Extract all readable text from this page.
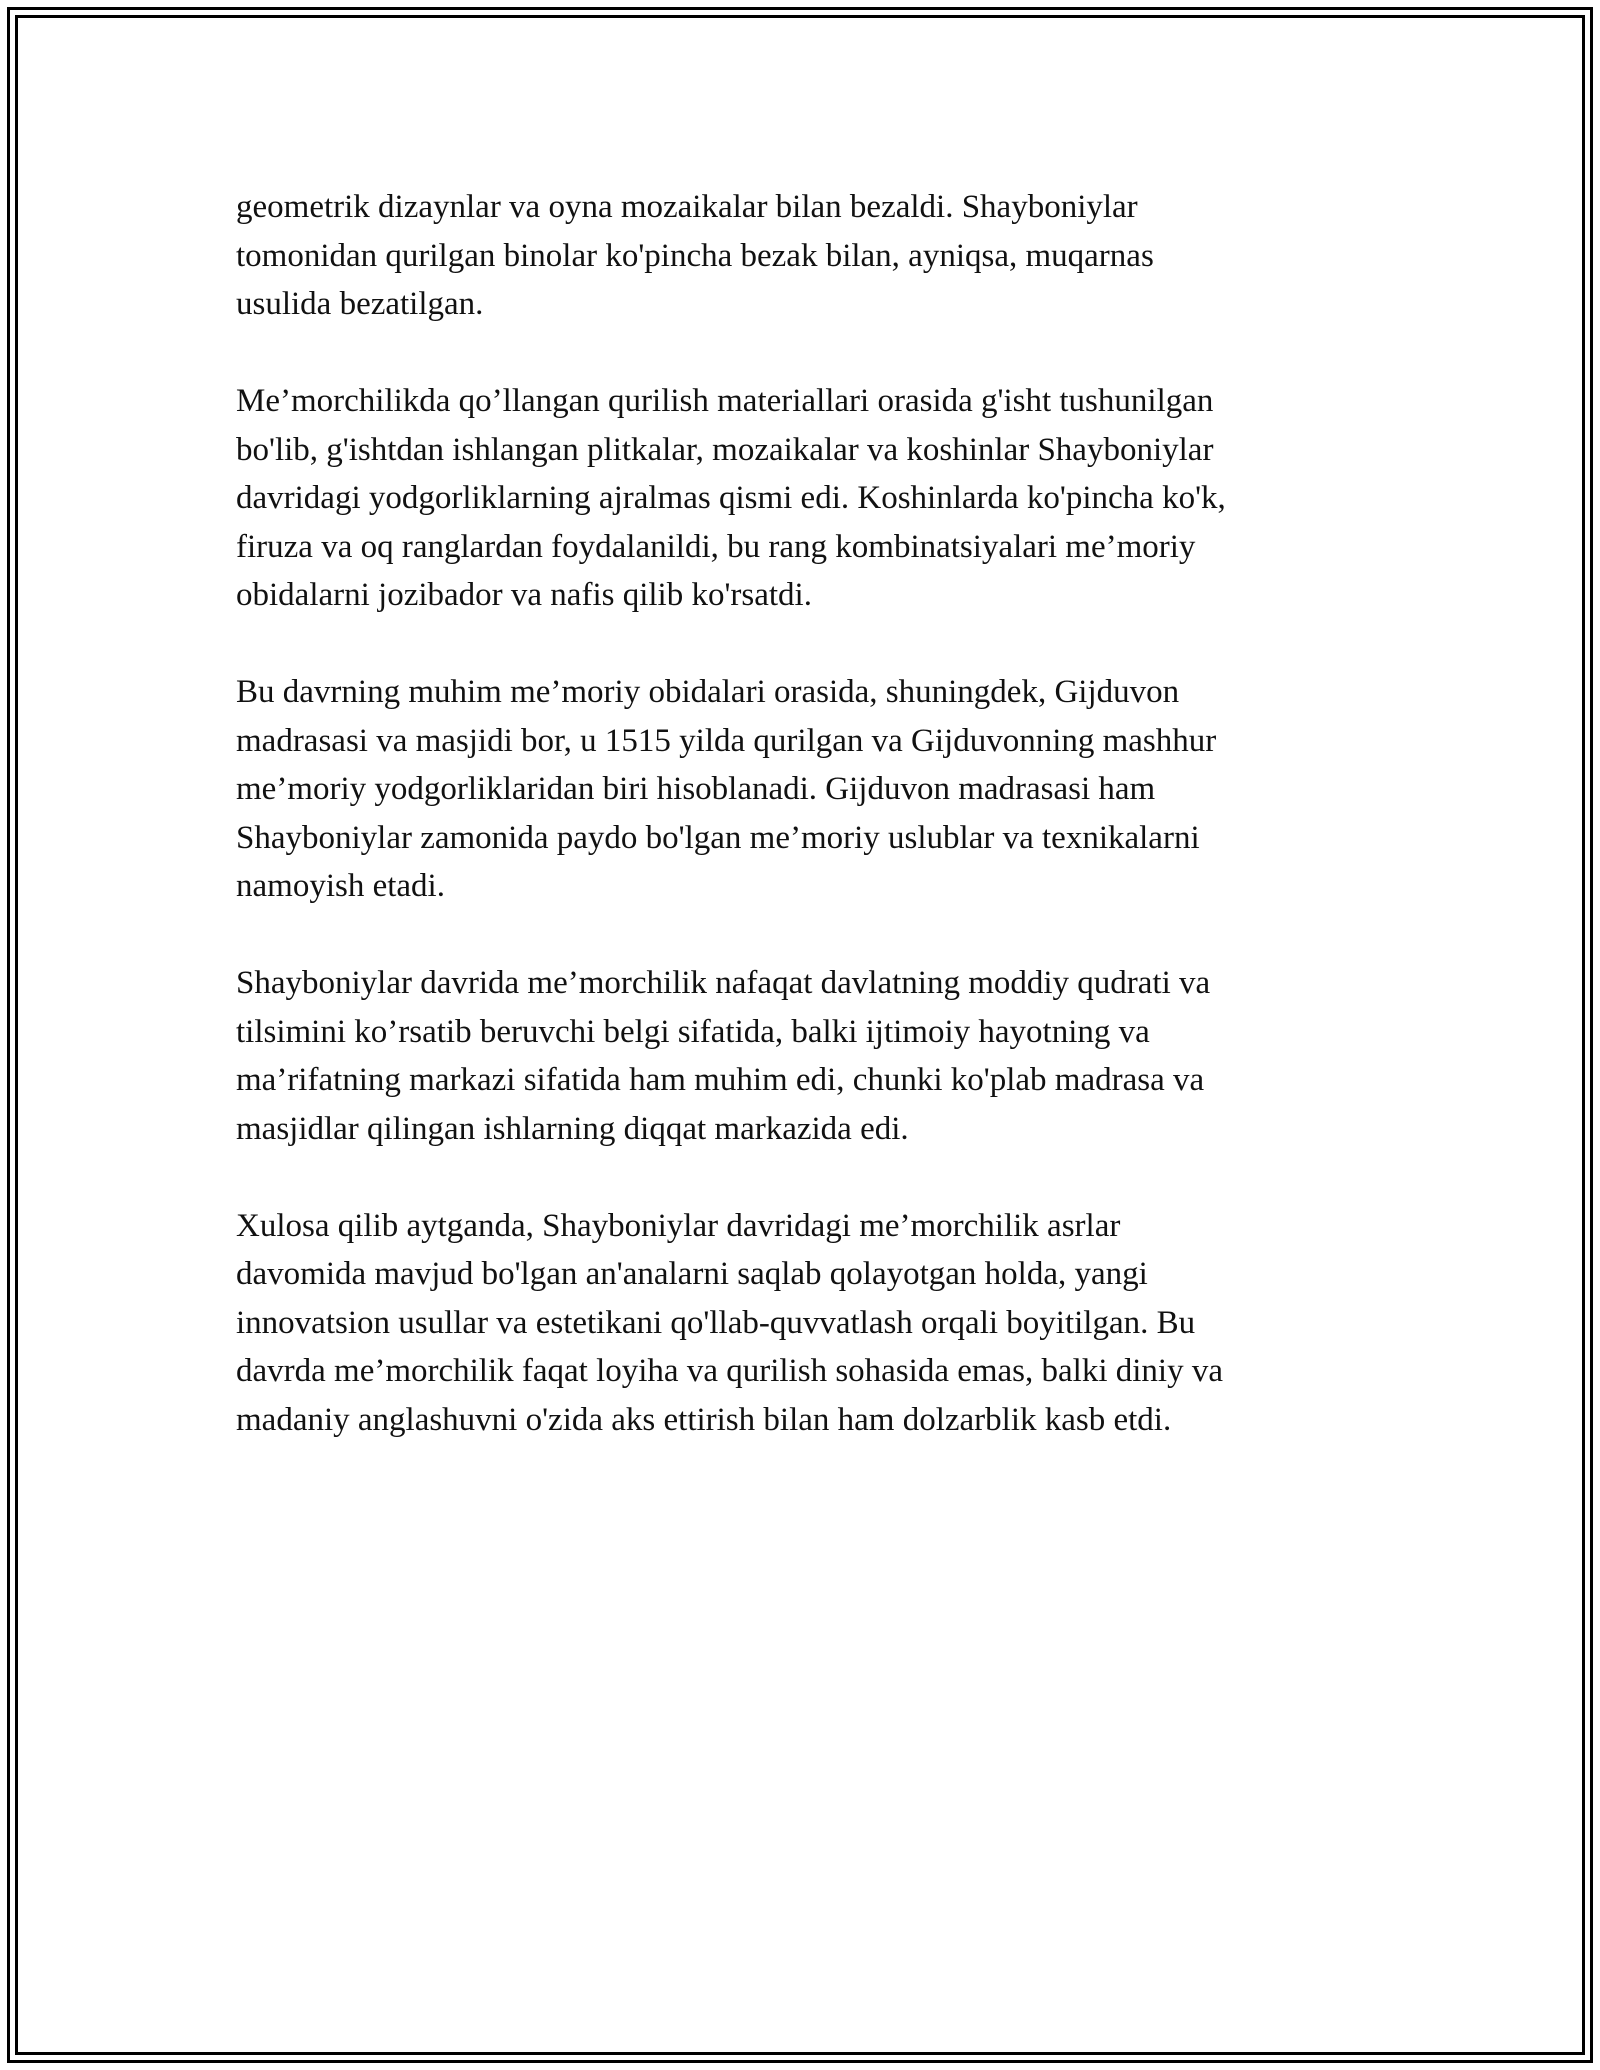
geometrik dizaynlar va oyna mozaikalar bilan bezaldi. Shayboniylar
tomonidan qurilgan binolar ko'pincha bezak bilan, ayniqsa, muqarnas
usulida bezatilgan.

Me’morchilikda qo’llangan qurilish materiallari orasida g'isht tushunilgan
bo'lib, g'ishtdan ishlangan plitkalar, mozaikalar va koshinlar Shayboniylar
davridagi yodgorliklarning ajralmas qismi edi. Koshinlarda ko'pincha ko'k,
firuza va oq ranglardan foydalanildi, bu rang kombinatsiyalari me’moriy
obidalarni jozibador va nafis qilib ko'rsatdi.

Bu davrning muhim me’moriy obidalari orasida, shuningdek, Gijduvon
madrasasi va masjidi bor, u 1515 yilda qurilgan va Gijduvonning mashhur
me’moriy yodgorliklaridan biri hisoblanadi. Gijduvon madrasasi ham
Shayboniylar zamonida paydo bo'lgan me’moriy uslublar va texnikalarni
namoyish etadi.

Shayboniylar davrida me’morchilik nafaqat davlatning moddiy qudrati va
tilsimini ko’rsatib beruvchi belgi sifatida, balki ijtimoiy hayotning va
ma’rifatning markazi sifatida ham muhim edi, chunki ko'plab madrasa va
masjidlar qilingan ishlarning diqqat markazida edi.

Xulosa qilib aytganda, Shayboniylar davridagi me’morchilik asrlar
davomida mavjud bo'lgan an'analarni saqlab qolayotgan holda, yangi
innovatsion usullar va estetikani qo'llab-quvvatlash orqali boyitilgan. Bu
davrda me’morchilik faqat loyiha va qurilish sohasida emas, balki diniy va
madaniy anglashuvni o'zida aks ettirish bilan ham dolzarblik kasb etdi.
